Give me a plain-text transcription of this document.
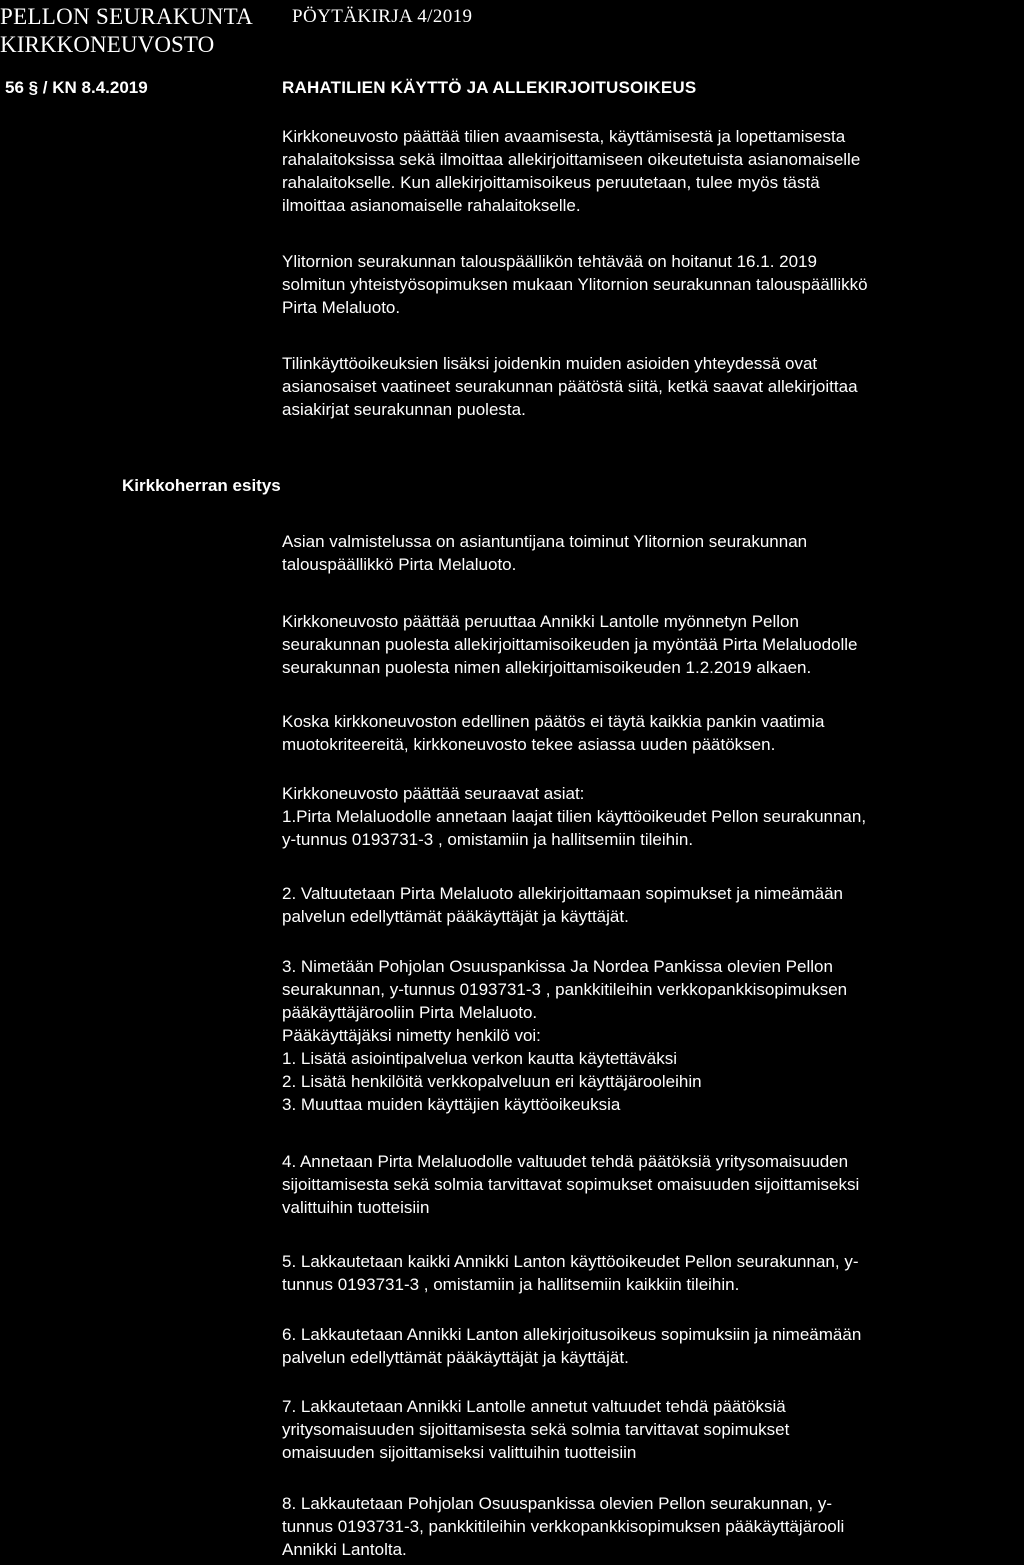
PELLON SEURAKUNTA
KIRKKONEUVOSTO
PÖYTÄKIRJA 4/2019
56 § / KN 8.4.2019	RAHATILIEN KÄYTTÖ JA ALLEKIRJOITUSOIKEUS

Kirkkoneuvosto päättää tilien avaamisesta, käyttämisestä ja lopettamisesta

rahalaitoksissa sekä ilmoittaa allekirjoittamiseen oikeutetuista asianomaiselle

rahalaitokselle. Kun allekirjoittamisoikeus peruutetaan, tulee myös tästä

ilmoittaa asianomaiselle rahalaitokselle.

Ylitornion seurakunnan talouspäällikön tehtävää on hoitanut 16.1. 2019

solmitun yhteistyösopimuksen mukaan Ylitornion seurakunnan talouspäällikkö

Pirta Melaluoto.

Tilinkäyttöoikeuksien lisäksi joidenkin muiden asioiden yhteydessä ovat

asianosaiset vaatineet seurakunnan päätöstä siitä, ketkä saavat allekirjoittaa

asiakirjat seurakunnan puolesta.

Kirkkoherran esitys

Asian valmistelussa on asiantuntijana toiminut Ylitornion seurakunnan

talouspäällikkö Pirta Melaluoto.

Kirkkoneuvosto päättää peruuttaa Annikki Lantolle myönnetyn Pellon

seurakunnan puolesta allekirjoittamisoikeuden ja myöntää Pirta Melaluodolle

seurakunnan puolesta nimen allekirjoittamisoikeuden 1.2.2019 alkaen.

Koska kirkkoneuvoston edellinen päätös ei täytä kaikkia pankin vaatimia

muotokriteereitä, kirkkoneuvosto tekee asiassa uuden päätöksen.

Kirkkoneuvosto päättää seuraavat asiat:

1.Pirta Melaluodolle annetaan laajat tilien käyttöoikeudet Pellon seurakunnan,

y-tunnus 0193731-3 , omistamiin ja hallitsemiin tileihin.

2. Valtuutetaan Pirta Melaluoto allekirjoittamaan sopimukset ja nimeämään

palvelun edellyttämät pääkäyttäjät ja käyttäjät.

3. Nimetään Pohjolan Osuuspankissa Ja Nordea Pankissa olevien Pellon

seurakunnan, y-tunnus 0193731-3 , pankkitileihin verkkopankkisopimuksen

pääkäyttäjärooliin Pirta Melaluoto.

Pääkäyttäjäksi nimetty henkilö voi:

1. Lisätä asiointipalvelua verkon kautta käytettäväksi

2. Lisätä henkilöitä verkkopalveluun eri käyttäjärooleihin

3. Muuttaa muiden käyttäjien käyttöoikeuksia

4. Annetaan Pirta Melaluodolle valtuudet tehdä päätöksiä yritysomaisuuden

sijoittamisesta sekä solmia tarvittavat sopimukset omaisuuden sijoittamiseksi

valittuihin tuotteisiin

5. Lakkautetaan kaikki Annikki Lanton käyttöoikeudet Pellon seurakunnan, y-

tunnus 0193731-3 , omistamiin ja hallitsemiin kaikkiin tileihin.

6. Lakkautetaan Annikki Lanton allekirjoitusoikeus sopimuksiin ja nimeämään

palvelun edellyttämät pääkäyttäjät ja käyttäjät.

7. Lakkautetaan Annikki Lantolle annetut valtuudet tehdä päätöksiä

yritysomaisuuden sijoittamisesta sekä solmia tarvittavat sopimukset

omaisuuden sijoittamiseksi valittuihin tuotteisiin

8. Lakkautetaan Pohjolan Osuuspankissa olevien Pellon seurakunnan, y-

tunnus 0193731-3, pankkitileihin verkkopankkisopimuksen pääkäyttäjärooli

Annikki Lantolta.
